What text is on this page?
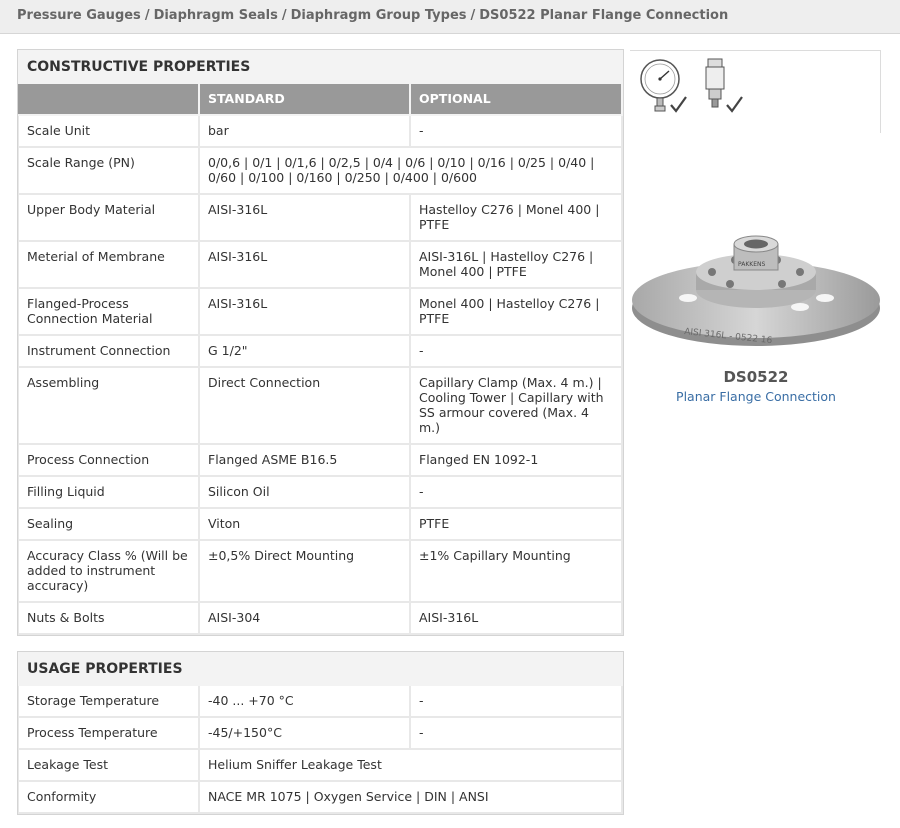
Pressure Gauges / Diaphragm Seals / Diaphragm Group Types / DS0522 Planar Flange Connection
CONSTRUCTIVE PROPERTIES
	STANDARD	OPTIONAL
Scale Unit	bar	-
Scale Range (PN)	0/0,6 | 0/1 | 0/1,6 | 0/2,5 | 0/4 | 0/6 | 0/10 | 0/16 | 0/25 | 0/40 | 0/60 | 0/100 | 0/160 | 0/250 | 0/400 | 0/600	
Upper Body Material	AISI-316L	Hastelloy C276 | Monel 400 | PTFE
Meterial of Membrane	AISI-316L	AISI-316L | Hastelloy C276 | Monel 400 | PTFE
Flanged-Process Connection Material	AISI-316L	Monel 400 | Hastelloy C276 | PTFE
Instrument Connection	G 1/2"	-
Assembling	Direct Connection	Capillary Clamp (Max. 4 m.) | Cooling Tower | Capillary with SS armour covered (Max. 4 m.)
Process Connection	Flanged ASME B16.5	Flanged EN 1092-1
Filling Liquid	Silicon Oil	-
Sealing	Viton	PTFE
Accuracy Class % (Will be added to instrument accuracy)	±0,5% Direct Mounting	±1% Capillary Mounting
Nuts & Bolts	AISI-304	AISI-316L
USAGE PROPERTIES
Storage Temperature	-40 ... +70 °C	-
Process Temperature	-45/+150°C	-
Leakage Test	Helium Sniffer Leakage Test	
Conformity	NACE MR 1075 | Oxygen Service | DIN | ANSI	
PAKKENS
AISI 316L - 0522 16
DS0522
Planar Flange Connection
